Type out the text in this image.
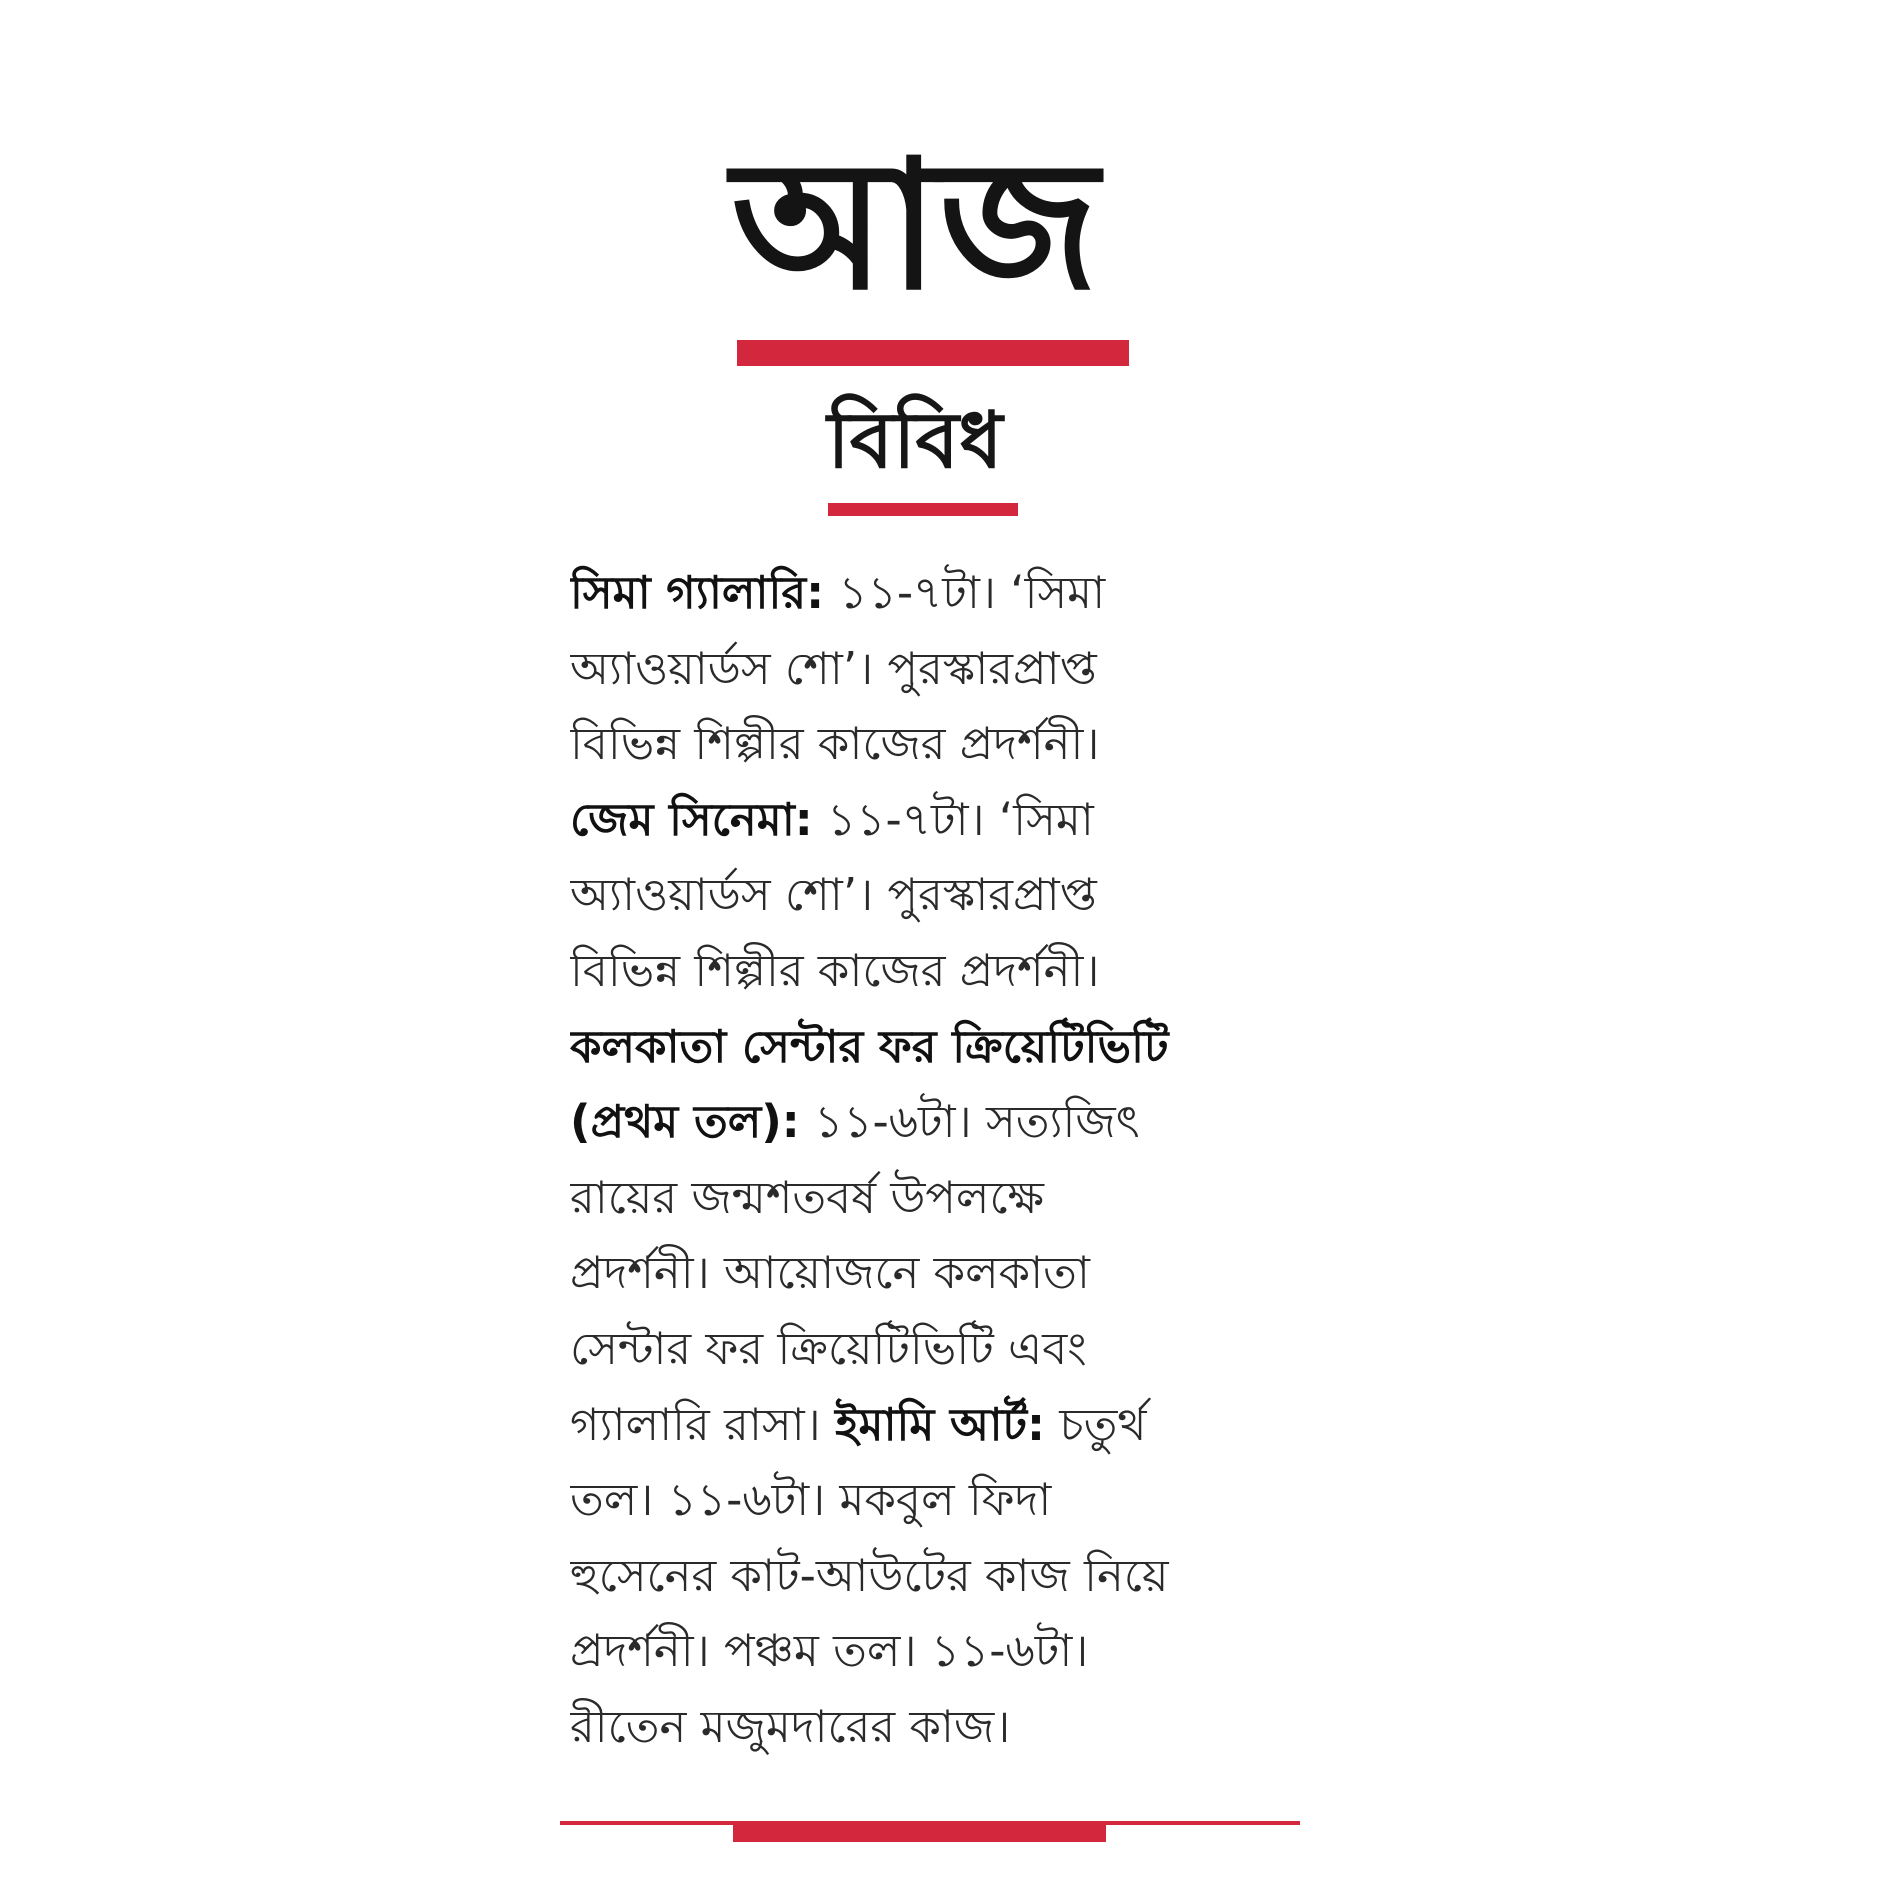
আজ
বিবিধ
সিমা গ্যালারি: ১১-৭টা। ‘সিমা
অ্যাওয়ার্ডস শো’। পুরস্কারপ্রাপ্ত
বিভিন্ন শিল্পীর কাজের প্রদর্শনী।
জেম সিনেমা: ১১-৭টা। ‘সিমা
অ্যাওয়ার্ডস শো’। পুরস্কারপ্রাপ্ত
বিভিন্ন শিল্পীর কাজের প্রদর্শনী।
কলকাতা সেন্টার ফর ক্রিয়েটিভিটি
(প্রথম তল): ১১-৬টা। সত্যজিৎ
রায়ের জন্মশতবর্ষ উপলক্ষে
প্রদর্শনী। আয়োজনে কলকাতা
সেন্টার ফর ক্রিয়েটিভিটি এবং
গ্যালারি রাসা। ইমামি আর্ট: চতুর্থ
তল। ১১-৬টা। মকবুল ফিদা
হুসেনের কাট-আউটের কাজ নিয়ে
প্রদর্শনী। পঞ্চম তল। ১১-৬টা।
রীতেন মজুমদারের কাজ।
